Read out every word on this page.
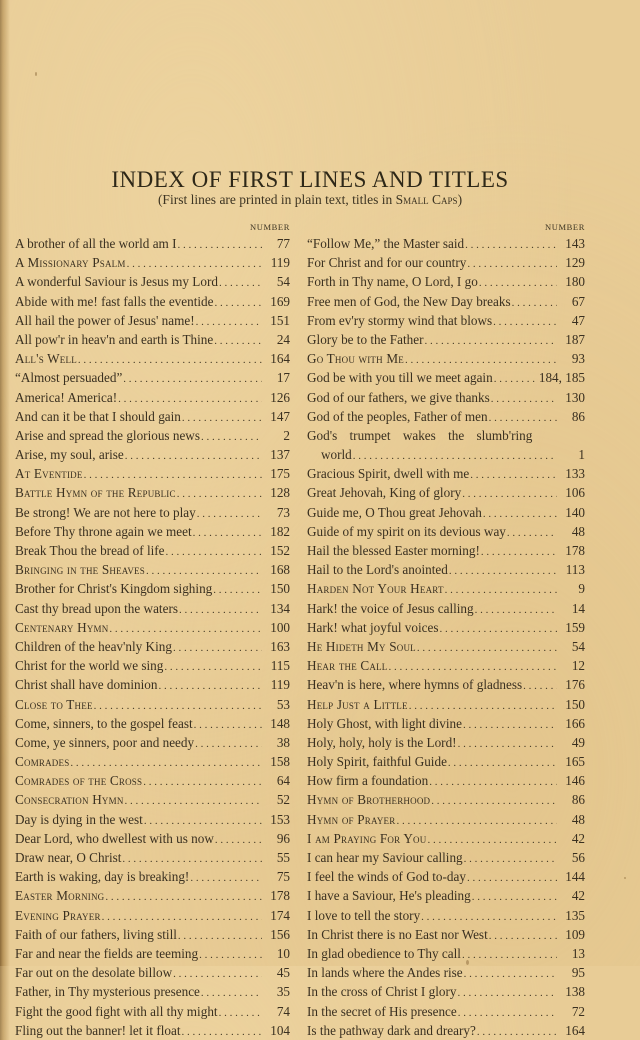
INDEX OF FIRST LINES AND TITLES
(First lines are printed in plain text, titles in Small Caps)
NUMBER
A brother of all the world am I . . .	77
A Missionary Psalm . . .	119
A wonderful Saviour is Jesus my Lord . . .	54
Abide with me! fast falls the eventide . . .	169
All hail the power of Jesus' name! . . .	151
All pow'r in heav'n and earth is Thine . . .	24
All's Well . . .	164
“Almost persuaded” . . .	17
America! America! . . .	126
And can it be that I should gain . . .	147
Arise and spread the glorious news . . .	2
Arise, my soul, arise . . .	137
At Eventide . . .	175
Battle Hymn of the Republic . . .	128
Be strong! We are not here to play . . .	73
Before Thy throne again we meet . . .	182
Break Thou the bread of life . . .	152
Bringing in the Sheaves . . .	168
Brother for Christ's Kingdom sighing . . .	150
Cast thy bread upon the waters . . .	134
Centenary Hymn . . .	100
Children of the heav'nly King . . .	163
Christ for the world we sing . . .	115
Christ shall have dominion . . .	119
Close to Thee . . .	53
Come, sinners, to the gospel feast . . .	148
Come, ye sinners, poor and needy . . .	38
Comrades . . .	158
Comrades of the Cross . . .	64
Consecration Hymn . . .	52
Day is dying in the west . . .	153
Dear Lord, who dwellest with us now . . .	96
Draw near, O Christ . . .	55
Earth is waking, day is breaking! . . .	75
Easter Morning . . .	178
Evening Prayer . . .	174
Faith of our fathers, living still . . .	156
Far and near the fields are teeming . . .	10
Far out on the desolate billow . . .	45
Father, in Thy mysterious presence . . .	35
Fight the good fight with all thy might . . .	74
Fling out the banner! let it float . . .	104
NUMBER
“Follow Me,” the Master said . . .	143
For Christ and for our country . . .	129
Forth in Thy name, O Lord, I go . . .	180
Free men of God, the New Day breaks . . .	67
From ev'ry stormy wind that blows . . .	47
Glory be to the Father . . .	187
Go Thou with Me . . .	93
God be with you till we meet again . . .	184, 185
God of our fathers, we give thanks . . .	130
God of the peoples, Father of men . . .	86
God's trumpet wakes the slumb'ring
world . . .	1
Gracious Spirit, dwell with me . . .	133
Great Jehovah, King of glory . . .	106
Guide me, O Thou great Jehovah . . .	140
Guide of my spirit on its devious way . . .	48
Hail the blessed Easter morning! . . .	178
Hail to the Lord's anointed . . .	113
Harden Not Your Heart . . .	9
Hark! the voice of Jesus calling . . .	14
Hark! what joyful voices . . .	159
He Hideth My Soul . . .	54
Hear the Call . . .	12
Heav'n is here, where hymns of gladness . . .	176
Help Just a Little . . .	150
Holy Ghost, with light divine . . .	166
Holy, holy, holy is the Lord! . . .	49
Holy Spirit, faithful Guide . . .	165
How firm a foundation . . .	146
Hymn of Brotherhood . . .	86
Hymn of Prayer . . .	48
I am Praying For You . . .	42
I can hear my Saviour calling . . .	56
I feel the winds of God to-day . . .	144
I have a Saviour, He's pleading . . .	42
I love to tell the story . . .	135
In Christ there is no East nor West . . .	109
In glad obedience to Thy call . . .	13
In lands where the Andes rise . . .	95
In the cross of Christ I glory . . .	138
In the secret of His presence . . .	72
Is the pathway dark and dreary? . . .	164
